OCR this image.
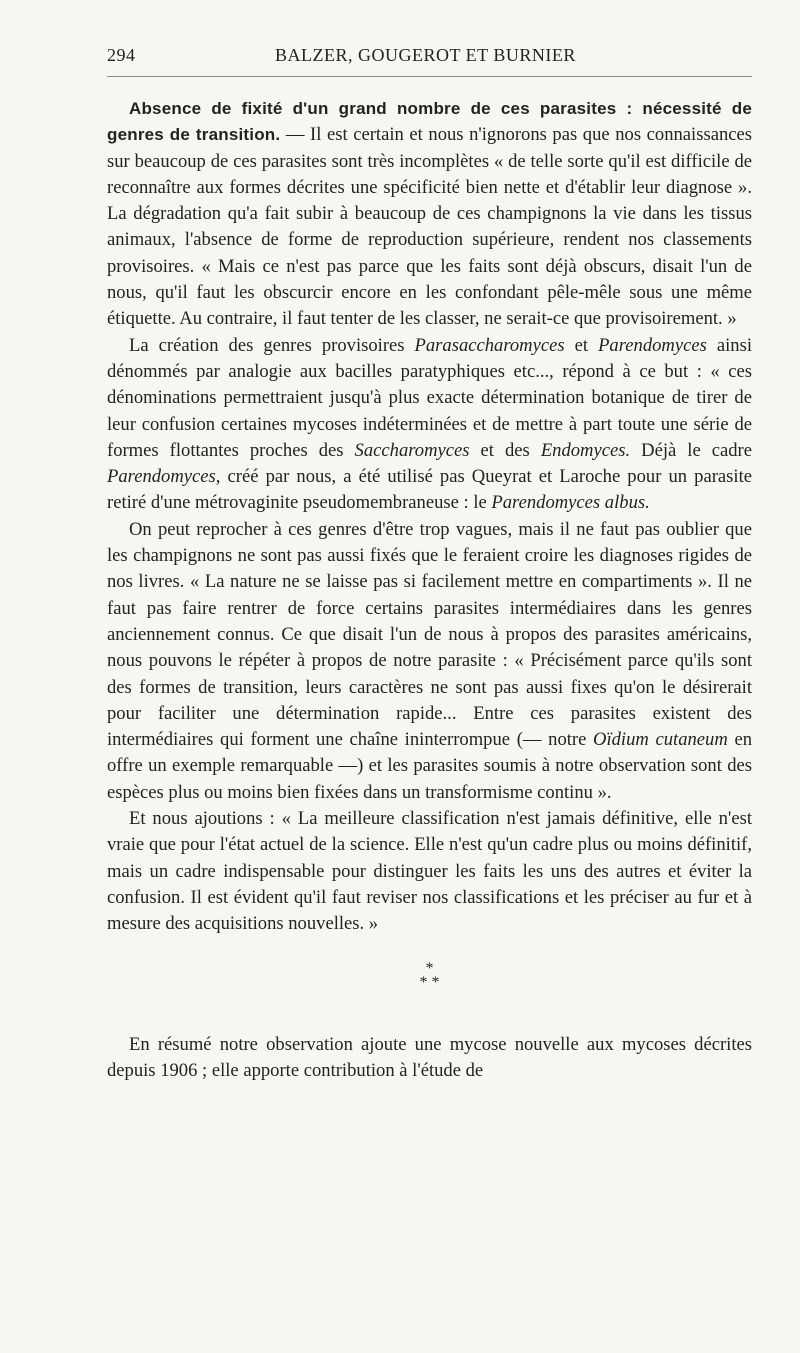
294	BALZER, GOUGEROT ET BURNIER

Absence de fixité d'un grand nombre de ces parasites : nécessité de genres de transition. — Il est certain et nous n'ignorons pas que nos connaissances sur beaucoup de ces parasites sont très incomplètes « de telle sorte qu'il est difficile de reconnaître aux formes décrites une spécificité bien nette et d'établir leur diagnose ». La dégradation qu'a fait subir à beaucoup de ces champignons la vie dans les tissus animaux, l'absence de forme de reproduction supérieure, rendent nos classements provisoires. « Mais ce n'est pas parce que les faits sont déjà obscurs, disait l'un de nous, qu'il faut les obscurcir encore en les confondant pêle-mêle sous une même étiquette. Au contraire, il faut tenter de les classer, ne serait-ce que provisoirement. »

La création des genres provisoires Parasaccharomyces et Parendomyces ainsi dénommés par analogie aux bacilles paratyphiques etc..., répond à ce but : « ces dénominations permettraient jusqu'à plus exacte détermination botanique de tirer de leur confusion certaines mycoses indéterminées et de mettre à part toute une série de formes flottantes proches des Saccharomyces et des Endomyces. Déjà le cadre Parendomyces, créé par nous, a été utilisé pas Queyrat et Laroche pour un parasite retiré d'une métrovaginite pseudomembraneuse : le Parendomyces albus.

On peut reprocher à ces genres d'être trop vagues, mais il ne faut pas oublier que les champignons ne sont pas aussi fixés que le feraient croire les diagnoses rigides de nos livres. « La nature ne se laisse pas si facilement mettre en compartiments ». Il ne faut pas faire rentrer de force certains parasites intermédiaires dans les genres anciennement connus. Ce que disait l'un de nous à propos des parasites américains, nous pouvons le répéter à propos de notre parasite : « Précisément parce qu'ils sont des formes de transition, leurs caractères ne sont pas aussi fixes qu'on le désirerait pour faciliter une détermination rapide... Entre ces parasites existent des intermédiaires qui forment une chaîne ininterrompue (— notre Oïdium cutaneum en offre un exemple remarquable —) et les parasites soumis à notre observation sont des espèces plus ou moins bien fixées dans un transformisme continu ».

Et nous ajoutions : « La meilleure classification n'est jamais définitive, elle n'est vraie que pour l'état actuel de la science. Elle n'est qu'un cadre plus ou moins définitif, mais un cadre indispensable pour distinguer les faits les uns des autres et éviter la confusion. Il est évident qu'il faut reviser nos classifications et les préciser au fur et à mesure des acquisitions nouvelles. »

*
* *

En résumé notre observation ajoute une mycose nouvelle aux mycoses décrites depuis 1906 ; elle apporte contribution à l'étude de
